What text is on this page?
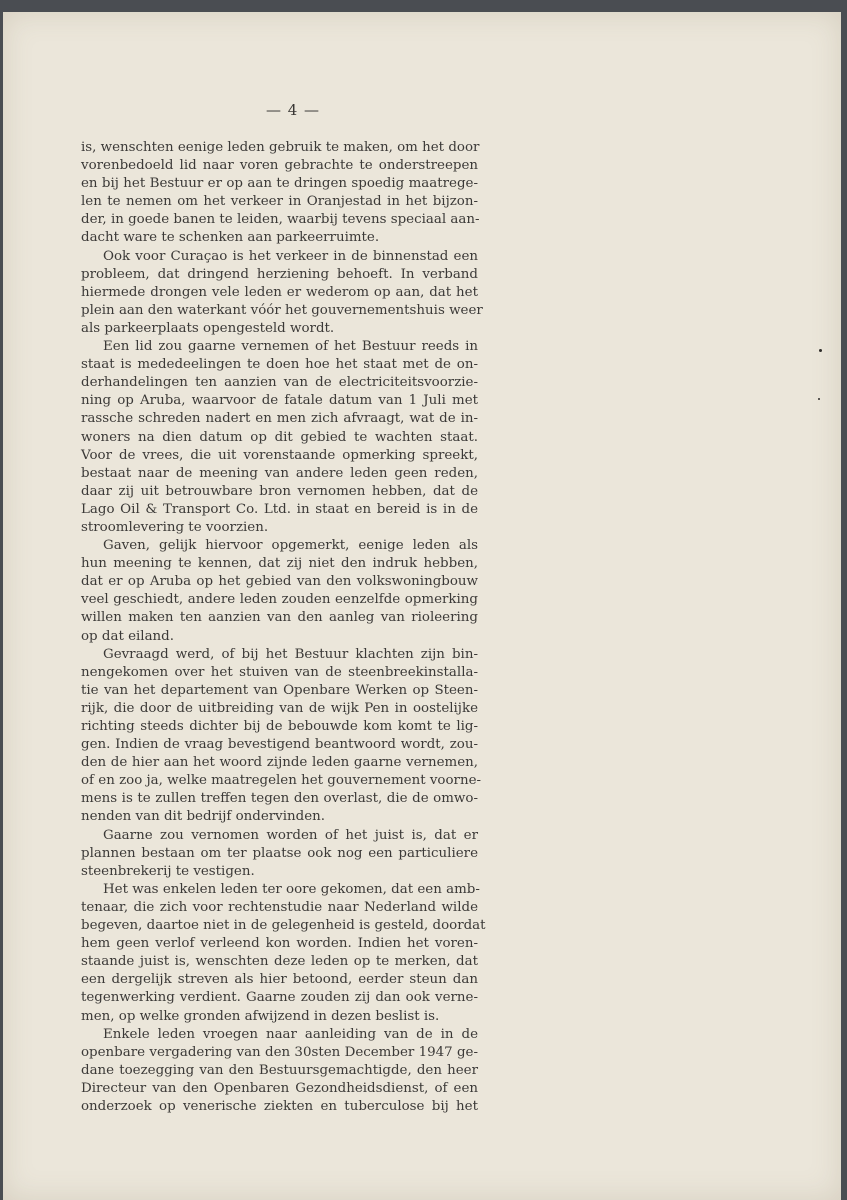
— 4 —
is, wenschten eenige leden gebruik te maken, om het door
vorenbedoeld lid naar voren gebrachte te onderstreepen
en bij het Bestuur er op aan te dringen spoedig maatrege-
len te nemen om het verkeer in Oranjestad in het bijzon-
der, in goede banen te leiden, waarbij tevens speciaal aan-
dacht ware te schenken aan parkeerruimte.
Ook voor Curaçao is het verkeer in de binnenstad een
probleem, dat dringend herziening behoeft. In verband
hiermede drongen vele leden er wederom op aan, dat het
plein aan den waterkant vóór het gouvernementshuis weer
als parkeerplaats opengesteld wordt.
Een lid zou gaarne vernemen of het Bestuur reeds in
staat is mededeelingen te doen hoe het staat met de on-
derhandelingen ten aanzien van de electriciteitsvoorzie-
ning op Aruba, waarvoor de fatale datum van 1 Juli met
rassche schreden nadert en men zich afvraagt, wat de in-
woners na dien datum op dit gebied te wachten staat.
Voor de vrees, die uit vorenstaande opmerking spreekt,
bestaat naar de meening van andere leden geen reden,
daar zij uit betrouwbare bron vernomen hebben, dat de
Lago Oil & Transport Co. Ltd. in staat en bereid is in de
stroomlevering te voorzien.
Gaven, gelijk hiervoor opgemerkt, eenige leden als
hun meening te kennen, dat zij niet den indruk hebben,
dat er op Aruba op het gebied van den volkswoningbouw
veel geschiedt, andere leden zouden eenzelfde opmerking
willen maken ten aanzien van den aanleg van rioleering
op dat eiland.
Gevraagd werd, of bij het Bestuur klachten zijn bin-
nengekomen over het stuiven van de steenbreekinstalla-
tie van het departement van Openbare Werken op Steen-
rijk, die door de uitbreiding van de wijk Pen in oostelijke
richting steeds dichter bij de bebouwde kom komt te lig-
gen. Indien de vraag bevestigend beantwoord wordt, zou-
den de hier aan het woord zijnde leden gaarne vernemen,
of en zoo ja, welke maatregelen het gouvernement voorne-
mens is te zullen treffen tegen den overlast, die de omwo-
nenden van dit bedrijf ondervinden.
Gaarne zou vernomen worden of het juist is, dat er
plannen bestaan om ter plaatse ook nog een particuliere
steenbrekerij te vestigen.
Het was enkelen leden ter oore gekomen, dat een amb-
tenaar, die zich voor rechtenstudie naar Nederland wilde
begeven, daartoe niet in de gelegenheid is gesteld, doordat
hem geen verlof verleend kon worden. Indien het voren-
staande juist is, wenschten deze leden op te merken, dat
een dergelijk streven als hier betoond, eerder steun dan
tegenwerking verdient. Gaarne zouden zij dan ook verne-
men, op welke gronden afwijzend in dezen beslist is.
Enkele leden vroegen naar aanleiding van de in de
openbare vergadering van den 30sten December 1947 ge-
dane toezegging van den Bestuursgemachtigde, den heer
Directeur van den Openbaren Gezondheidsdienst, of een
onderzoek op venerische ziekten en tuberculose bij het
